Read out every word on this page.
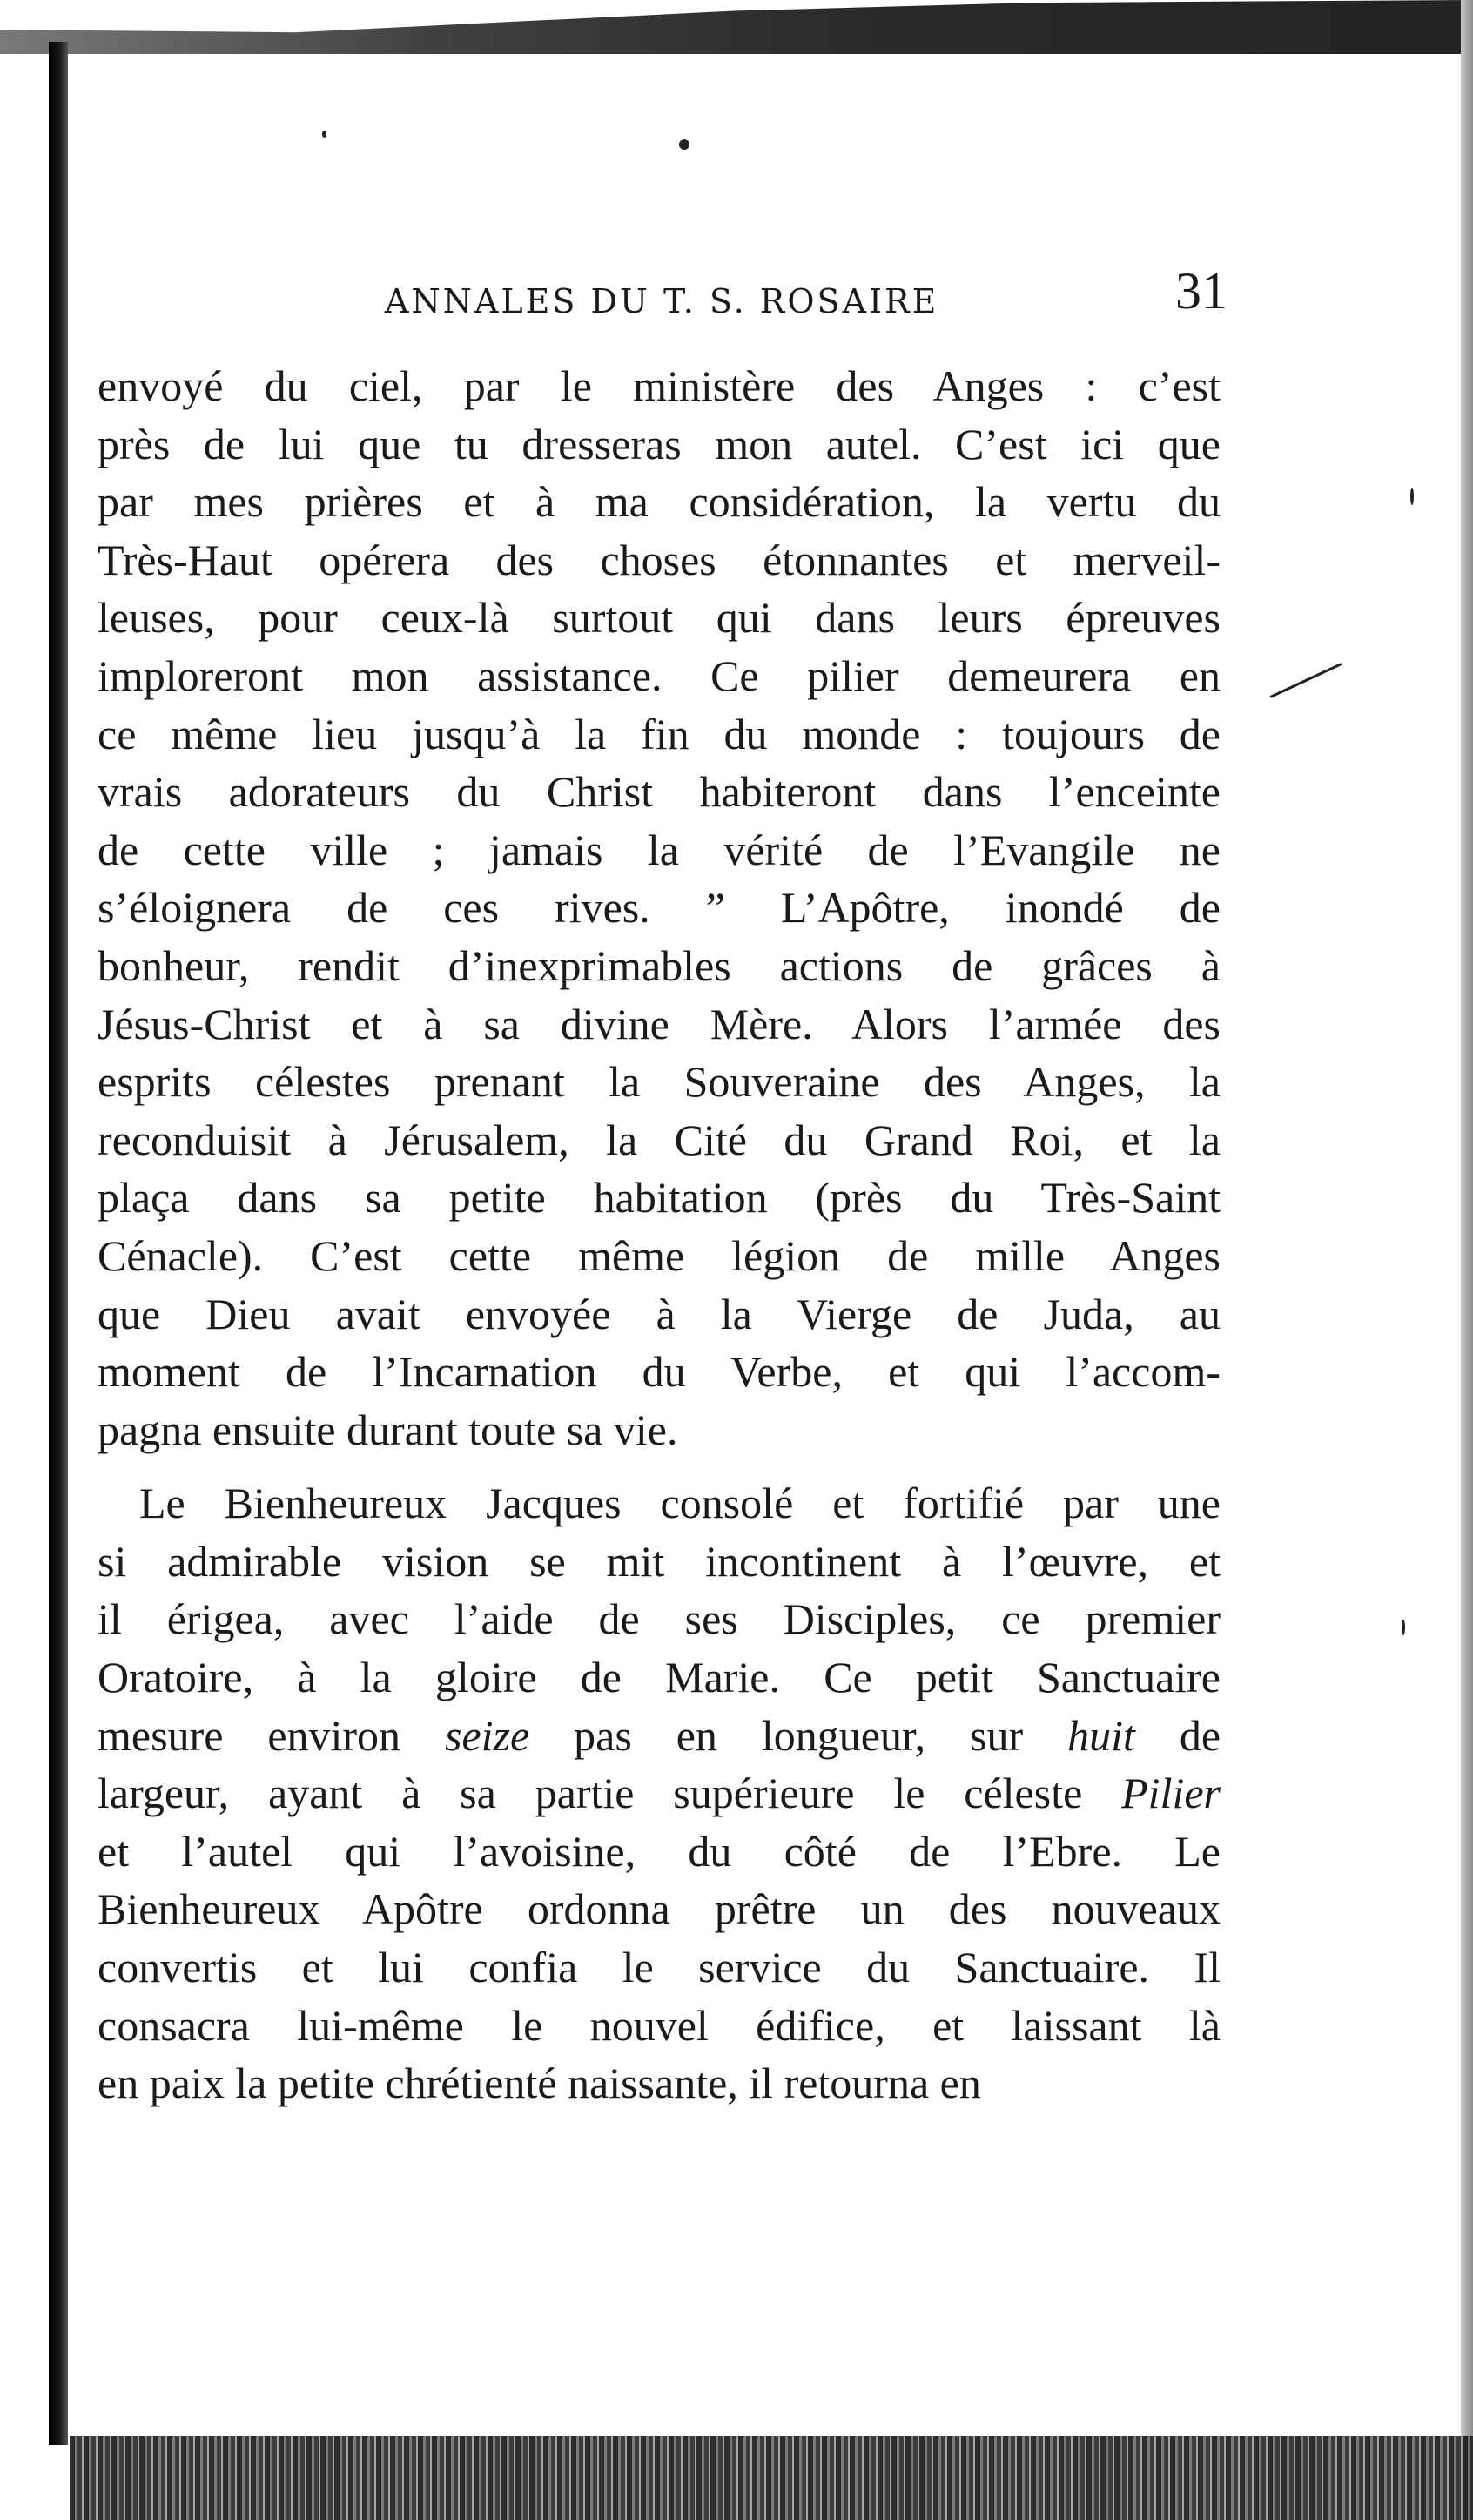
ANNALES DU T. S. ROSAIRE	31
envoyé du ciel, par le ministère des Anges : c’est
près de lui que tu dresseras mon autel. C’est ici que
par mes prières et à ma considération, la vertu du
Très-Haut opérera des choses étonnantes et merveil-
leuses, pour ceux-là surtout qui dans leurs épreuves
imploreront mon assistance. Ce pilier demeurera en
ce même lieu jusqu’à la fin du monde : toujours de
vrais adorateurs du Christ habiteront dans l’enceinte
de cette ville ; jamais la vérité de l’Evangile ne
s’éloignera de ces rives. ” L’Apôtre, inondé de
bonheur, rendit d’inexprimables actions de grâces à
Jésus-Christ et à sa divine Mère. Alors l’armée des
esprits célestes prenant la Souveraine des Anges, la
reconduisit à Jérusalem, la Cité du Grand Roi, et la
plaça dans sa petite habitation (près du Très-Saint
Cénacle). C’est cette même légion de mille Anges
que Dieu avait envoyée à la Vierge de Juda, au
moment de l’Incarnation du Verbe, et qui l’accom-
pagna ensuite durant toute sa vie.
Le Bienheureux Jacques consolé et fortifié par une
si admirable vision se mit incontinent à l’œuvre, et
il érigea, avec l’aide de ses Disciples, ce premier
Oratoire, à la gloire de Marie. Ce petit Sanctuaire
mesure environ seize pas en longueur, sur huit de
largeur, ayant à sa partie supérieure le céleste Pilier
et l’autel qui l’avoisine, du côté de l’Ebre. Le
Bienheureux Apôtre ordonna prêtre un des nouveaux
convertis et lui confia le service du Sanctuaire. Il
consacra lui-même le nouvel édifice, et laissant là
en paix la petite chrétienté naissante, il retourna en
